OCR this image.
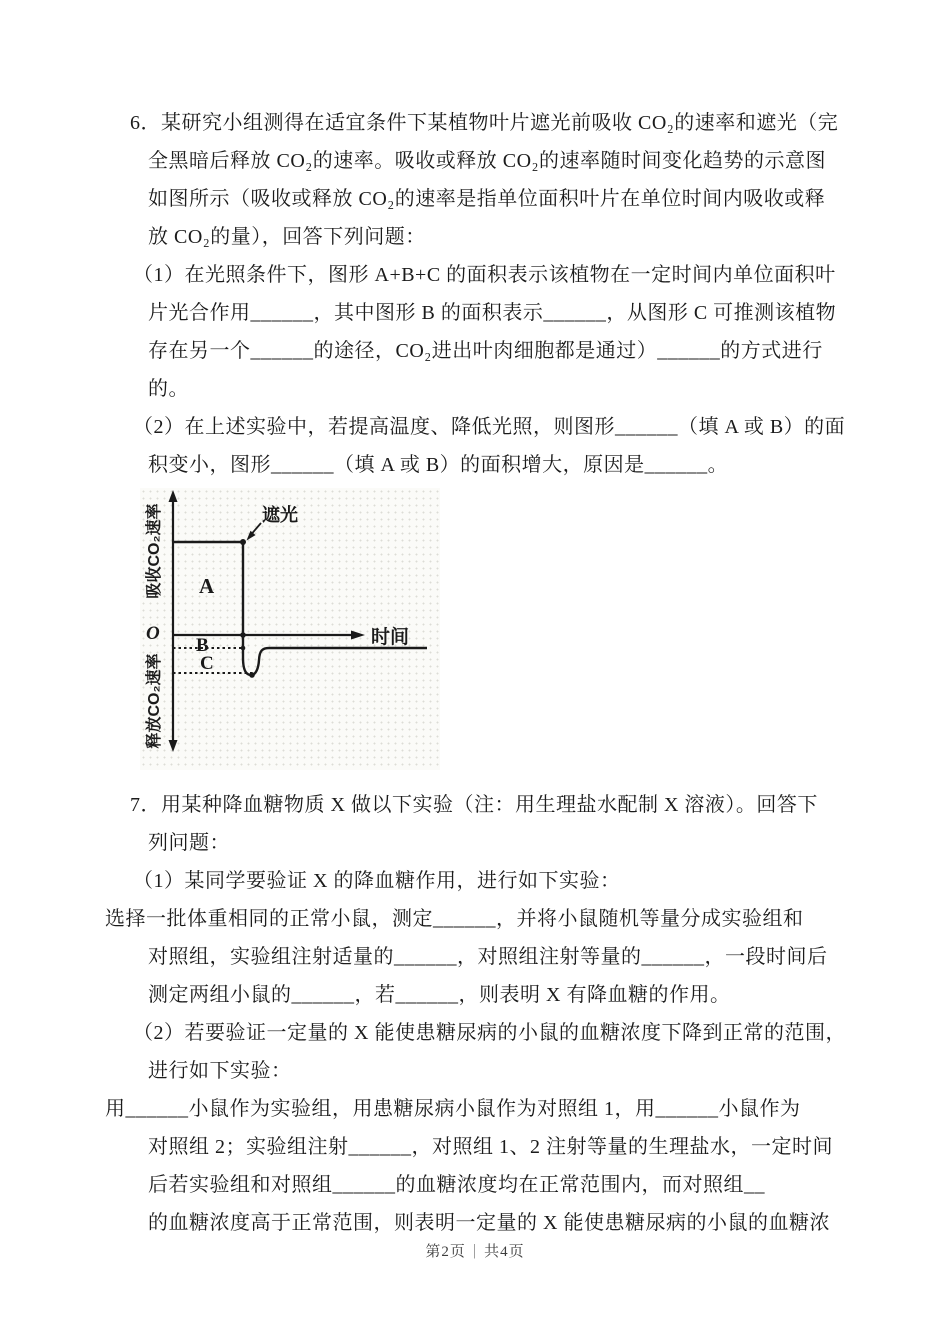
6．某研究小组测得在适宜条件下某植物叶片遮光前吸收 CO₂的速率和遮光（完
全黑暗后释放 CO₂的速率。吸收或释放 CO₂的速率随时间变化趋势的示意图
如图所示（吸收或释放 CO₂的速率是指单位面积叶片在单位时间内吸收或释
放 CO₂的量），回答下列问题：
（1）在光照条件下，图形 A+B+C 的面积表示该植物在一定时间内单位面积叶
片光合作用______，其中图形 B 的面积表示______，从图形 C 可推测该植物
存在另一个______的途径，CO₂进出叶肉细胞都是通过）______的方式进行
的。
（2）在上述实验中，若提高温度、降低光照，则图形______（填 A 或 B）的面
积变小，图形______（填 A 或 B）的面积增大，原因是______。
遮光
时间
O
A
B
C
吸收CO₂速率
释放CO₂速率
7．用某种降血糖物质 X 做以下实验（注：用生理盐水配制 X 溶液）。回答下
列问题：
（1）某同学要验证 X 的降血糖作用，进行如下实验：
选择一批体重相同的正常小鼠，测定______，并将小鼠随机等量分成实验组和
对照组，实验组注射适量的______，对照组注射等量的______，一段时间后
测定两组小鼠的______，若______，则表明 X 有降血糖的作用。
（2）若要验证一定量的 X 能使患糖尿病的小鼠的血糖浓度下降到正常的范围，
进行如下实验：
用______小鼠作为实验组，用患糖尿病小鼠作为对照组 1，用______小鼠作为
对照组 2；实验组注射______，对照组 1、2 注射等量的生理盐水，一定时间
后若实验组和对照组______的血糖浓度均在正常范围内，而对照组__
的血糖浓度高于正常范围，则表明一定量的 X 能使患糖尿病的小鼠的血糖浓
第2页 | 共4页
